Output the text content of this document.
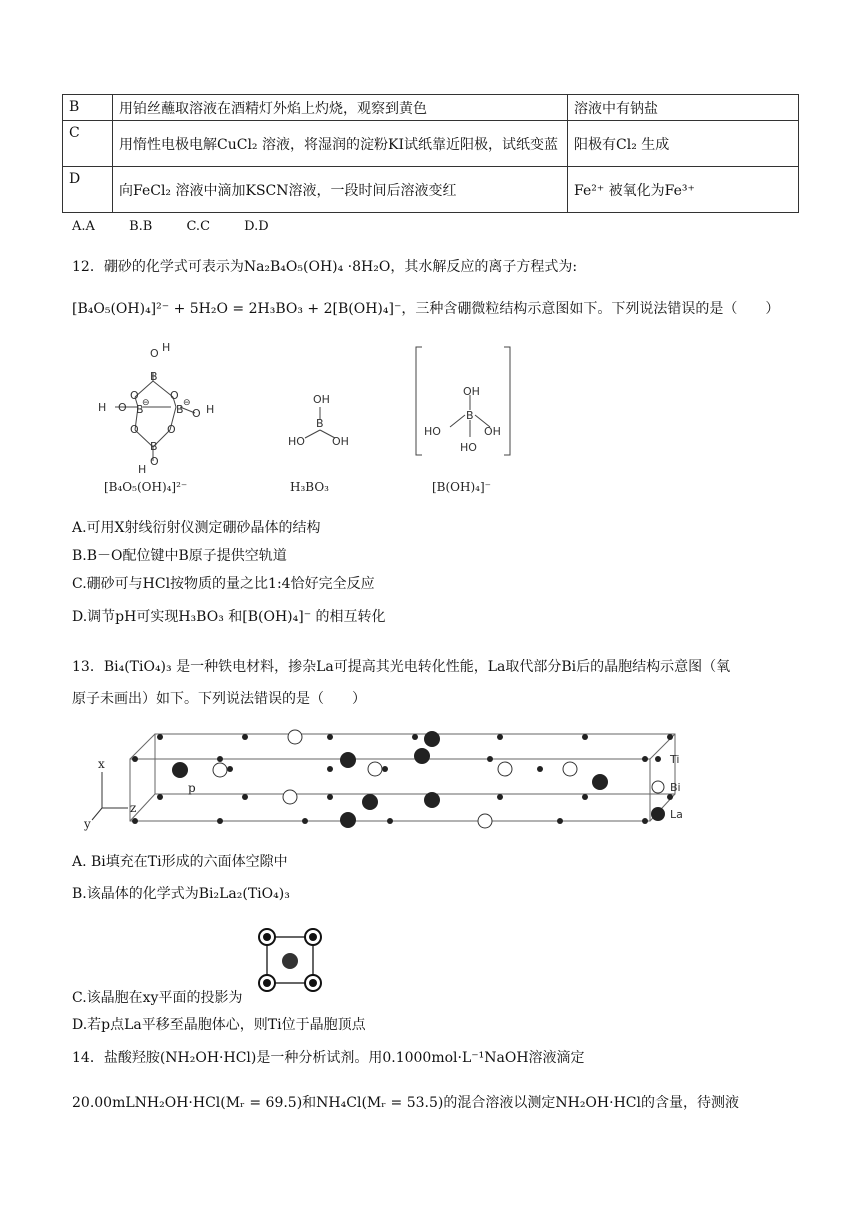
B	用铂丝蘸取溶液在酒精灯外焰上灼烧，观察到黄色	溶液中有钠盐
C	用惰性电极电解CuCl₂ 溶液，将湿润的淀粉KI试纸靠近阳极，试纸变蓝	阳极有Cl₂ 生成
D	向FeCl₂ 溶液中滴加KSCN溶液，一段时间后溶液变红	Fe²⁺ 被氧化为Fe³⁺
A.A	B.B	C.C	D.D
12．硼砂的化学式可表示为Na₂B₄O₅(OH)₄ ·8H₂O，其水解反应的离子方程式为:
[B₄O₅(OH)₄]²⁻ + 5H₂O = 2H₃BO₃ + 2[B(OH)₄]⁻，三种含硼微粒结构示意图如下。下列说法错误的是（　　）
O H
B
O	O
H O B
⊖ B ⊖
O H
O	O
B
O
H
OH
B
HO OH
OH
B
HO	OH
HO
[B₄O₅(OH)₄]²⁻	H₃BO₃	[B(OH)₄]⁻
A.可用X射线衍射仪测定硼砂晶体的结构
B.B－O配位键中B原子提供空轨道
C.硼砂可与HCl按物质的量之比1:4恰好完全反应
D.调节pH可实现H₃BO₃ 和[B(OH)₄]⁻ 的相互转化
13．Bi₄(TiO₄)₃ 是一种铁电材料，掺杂La可提高其光电转化性能，La取代部分Bi后的晶胞结构示意图（氧
原子未画出）如下。下列说法错误的是（　　）
x
z
y
p
Ti
Bi
La
A. Bi填充在Ti形成的六面体空隙中
B.该晶体的化学式为Bi₂La₂(TiO₄)₃
C.该晶胞在xy平面的投影为
D.若p点La平移至晶胞体心，则Ti位于晶胞顶点
14．盐酸羟胺(NH₂OH·HCl)是一种分析试剂。用0.1000mol·L⁻¹NaOH溶液滴定
20.00mLNH₂OH·HCl(Mᵣ = 69.5)和NH₄Cl(Mᵣ = 53.5)的混合溶液以测定NH₂OH·HCl的含量，待测液
